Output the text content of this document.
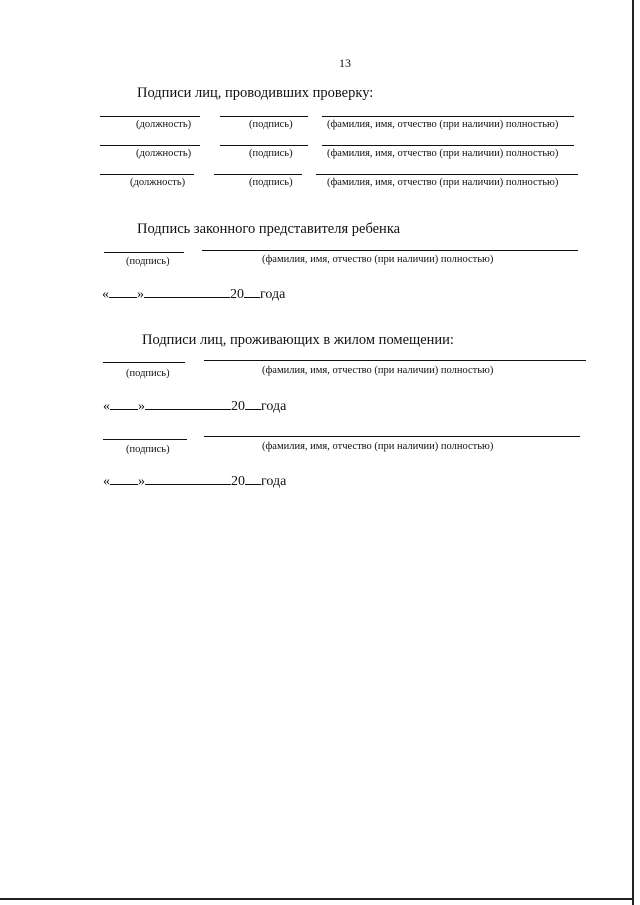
13
Подписи лиц, проводивших проверку:
(должность)	(подпись)	(фамилия, имя, отчество (при наличии) полностью)
(должность)	(подпись)	(фамилия, имя, отчество (при наличии) полностью)
(должность)	(подпись)	(фамилия, имя, отчество (при наличии) полностью)
Подпись законного представителя ребенка
(подпись)	(фамилия, имя, отчество (при наличии) полностью)
« »	20 года
Подписи лиц, проживающих в жилом помещении:
(подпись)	(фамилия, имя, отчество (при наличии) полностью)
« »	20 года
(подпись)	(фамилия, имя, отчество (при наличии) полностью)
« »	20 года
